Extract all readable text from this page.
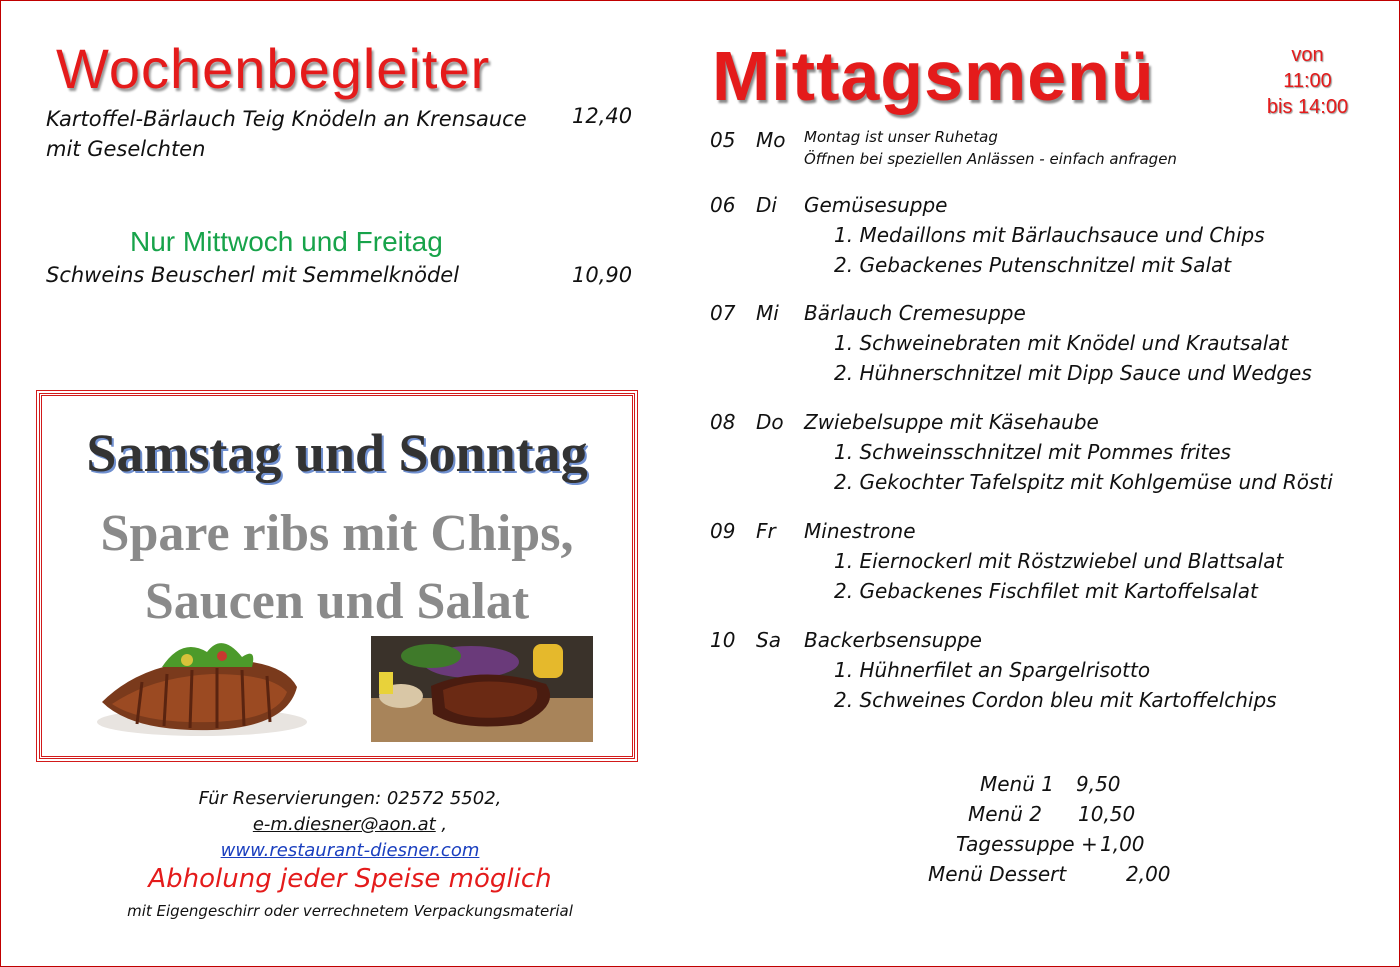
Wochenbegleiter
Kartoffel-Bärlauch Teig Knödeln an Krensauce mit Geselchten
12,40
Nur Mittwoch und Freitag
Schweins Beuscherl mit Semmelknödel	10,90
Samstag und Sonntag
Spare ribs mit Chips,
Saucen und Salat
Für Reservierungen: 02572 5502,
e-m.diesner@aon.at ,
www.restaurant-diesner.com
Abholung jeder Speise möglich
mit Eigengeschirr oder verrechnetem Verpackungsmaterial
Mittagsmenü	von
11:00
bis 14:00
05 Mo Montag ist unser Ruhetag
Öffnen bei speziellen Anlässen - einfach anfragen
06 Di Gemüsesuppe
1. Medaillons mit Bärlauchsauce und Chips
2. Gebackenes Putenschnitzel mit Salat
07 Mi Bärlauch Cremesuppe
1. Schweinebraten mit Knödel und Krautsalat
2. Hühnerschnitzel mit Dipp Sauce und Wedges
08 Do Zwiebelsuppe mit Käsehaube
1. Schweinsschnitzel mit Pommes frites
2. Gekochter Tafelspitz mit Kohlgemüse und Rösti
09 Fr Minestrone
1. Eiernockerl mit Röstzwiebel und Blattsalat
2. Gebackenes Fischfilet mit Kartoffelsalat
10 Sa Backerbsensuppe
1. Hühnerfilet an Spargelrisotto
2. Schweines Cordon bleu mit Kartoffelchips
Menü 1 9,50
Menü 2 10,50
Tagessuppe + 1,00
Menü Dessert	2,00
